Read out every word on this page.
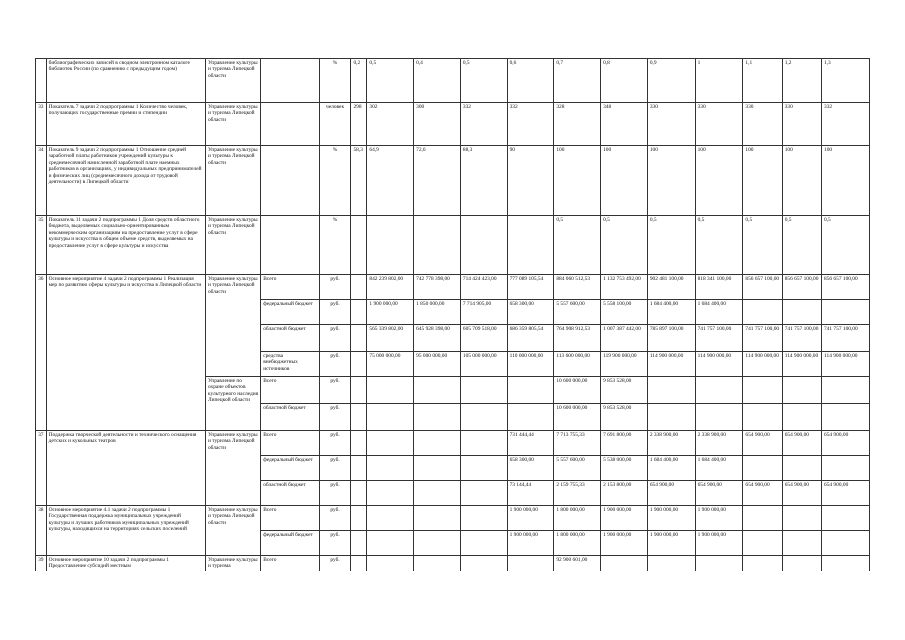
	библиографических записей в сводном электронном каталоге библиотек России (по сравнению с предыдущим годом)	Управление культуры и туризма Липецкой области		%	0,2	0,5	0,4	0,5	0,6	0,7	0,8	0,9	1	1,1	1,2	1,3
33	Показатель 7 задачи 2 подпрограммы 1 Количество человек, получающих государственные премии и стипендии	Управление культуры и туризма Липецкой области		человек	298	302	300	332	332	328	348	330	330	330	330	332
34	Показатель 9 задачи 2 подпрограммы 1 Отношение средней заработной платы работников учреждений культуры к среднемесячной начисленной заработной плате наемных работников в организациях, у индивидуальных предпринимателей и физических лиц (среднемесячного дохода от трудовой деятельности) в Липецкой области	Управление культуры и туризма Липецкой области		%	58,3	64,9	72,6	88,3	90	100	100	100	100	100	100	100
35	Показатель 11 задачи 2 подпрограммы 1 Доля средств областного бюджета, выделяемых социально-ориентированным некоммерческим организациям на предоставление услуг в сфере культуры и искусства в общем объеме средств, выделяемых на предоставление услуг в сфере культуры и искусства	Управление культуры и туризма Липецкой области		%						0,5	0,5	0,5	0,5	0,5	0,5	0,5
36	Основное мероприятие 4 задачи 2 подпрограммы 1 Реализация мер по развитию сферы культуры и искусства в Липецкой области	Управление культуры и туризма Липецкой области	Всего	руб.		842 239 802,00	742 778 398,00	714 424 423,00	777 089 105,54	884 060 512,53	1 132 753 492,00	902 481 100,00	818 341 100,00	856 657 100,00	856 657 100,00	856 657 100,00
			федеральный бюджет	руб.		1 900 000,00	1 850 000,00	7 714 905,00	658 300,00	5 557 600,00	5 558 100,00	1 684 400,00	1 684 400,00			
			областной бюджет	руб.		565 339 802,00	645 928 398,00	605 709 518,00	686 359 805,54	764 908 912,53	1 007 387 442,00	785 897 100,00	741 757 100,00	741 757 100,00	741 757 100,00	741 757 100,00
			средства внебюджетных источников	руб.		75 000 000,00	95 000 000,00	105 000 000,00	110 000 000,00	113 600 000,00	119 900 000,00	114 900 000,00	114 900 000,00	114 900 000,00	114 900 000,00	114 900 000,00
		Управление по охране объектов культурного наследия Липецкой области	Всего	руб.						10 600 000,00	9 853 528,00					
			областной бюджет	руб.						10 600 000,00	9 853 528,00					
37	Поддержка творческой деятельности и технического оснащения детских и кукольных театров	Управление культуры и туризма Липецкой области	Всего	руб.					731 444,44	7 713 755,33	7 691 800,00	2 338 900,00	2 338 900,00	654 900,00	654 900,00	654 900,00
			федеральный бюджет	руб.					658 300,00	5 557 600,00	5 538 000,00	1 684 400,00	1 684 400,00			
			областной бюджет	руб.					73 144,44	2 159 755,33	2 153 800,00	654 900,00	654 900,00	654 900,00	654 900,00	654 900,00
38	Основное мероприятие 4.1 задачи 2 подпрограммы 1 Государственная поддержка муниципальных учреждений культуры и лучших работников муниципальных учреждений культуры, находящихся на территориях сельских поселений	Управление культуры и туризма Липецкой области	Всего	руб.					1 900 000,00	1 800 000,00	1 900 000,00	1 900 000,00	1 900 000,00			
			федеральный бюджет	руб.					1 900 000,00	1 800 000,00	1 900 000,00	1 900 000,00	1 900 000,00			
39	Основное мероприятие 10 задачи 2 подпрограммы 1 Предоставление субсидий местным	Управление культуры и туризма	Всего	руб.						92 900 601,00						
